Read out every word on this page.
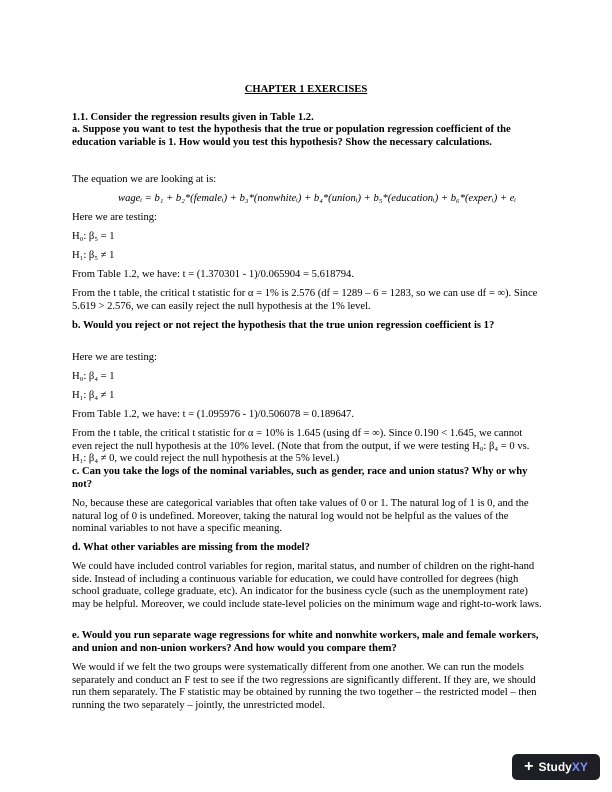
CHAPTER 1 EXERCISES

1.1. Consider the regression results given in Table 1.2.

a. Suppose you want to test the hypothesis that the true or population regression coefficient of the education variable is 1. How would you test this hypothesis? Show the necessary calculations.

The equation we are looking at is:

wageᵢ = b₁ + b₂*(femaleᵢ) + b₃*(nonwhiteᵢ) + b₄*(unionᵢ) + b₅*(educationᵢ) + b₆*(experᵢ) + eᵢ

Here we are testing:

H₀: β₅ = 1

H₁: β₅ ≠ 1

From Table 1.2, we have: t = (1.370301 - 1)/0.065904 = 5.618794.

From the t table, the critical t statistic for α = 1% is 2.576 (df = 1289 – 6 = 1283, so we can use df = ∞). Since 5.619 > 2.576, we can easily reject the null hypothesis at the 1% level.

b. Would you reject or not reject the hypothesis that the true union regression coefficient is 1?

Here we are testing:

H₀: β₄ = 1

H₁: β₄ ≠ 1

From Table 1.2, we have: t = (1.095976 - 1)/0.506078 = 0.189647.

From the t table, the critical t statistic for α = 10% is 1.645 (using df = ∞). Since 0.190 < 1.645, we cannot even reject the null hypothesis at the 10% level. (Note that from the output, if we were testing H₀: β₄ = 0 vs. H₁: β₄ ≠ 0, we could reject the null hypothesis at the 5% level.)

c. Can you take the logs of the nominal variables, such as gender, race and union status? Why or why not?

No, because these are categorical variables that often take values of 0 or 1. The natural log of 1 is 0, and the natural log of 0 is undefined. Moreover, taking the natural log would not be helpful as the values of the nominal variables to not have a specific meaning.

d. What other variables are missing from the model?

We could have included control variables for region, marital status, and number of children on the right-hand side. Instead of including a continuous variable for education, we could have controlled for degrees (high school graduate, college graduate, etc). An indicator for the business cycle (such as the unemployment rate) may be helpful. Moreover, we could include state-level policies on the minimum wage and right-to-work laws.

e. Would you run separate wage regressions for white and nonwhite workers, male and female workers, and union and non-union workers? And how would you compare them?

We would if we felt the two groups were systematically different from one another. We can run the models separately and conduct an F test to see if the two regressions are significantly different. If they are, we should run them separately. The F statistic may be obtained by running the two together – the restricted model – then running the two separately – jointly, the unrestricted model.

+ Study XY
